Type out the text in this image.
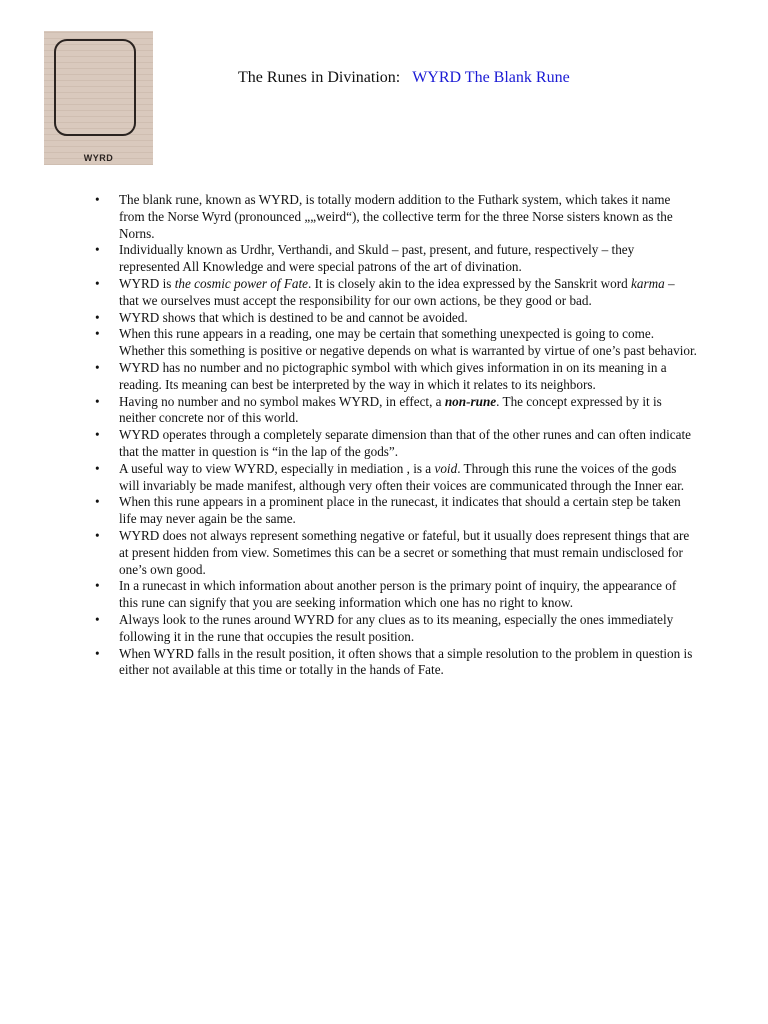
WYRD
The Runes in Divination: WYRD The Blank Rune
• The blank rune, known as WYRD, is totally modern addition to the Futhark system, which takes it name from the Norse Wyrd (pronounced „„weird“), the collective term for the three Norse sisters known as the Norns.
• Individually known as Urdhr, Verthandi, and Skuld – past, present, and future, respectively – they represented All Knowledge and were special patrons of the art of divination.
• WYRD is the cosmic power of Fate. It is closely akin to the idea expressed by the Sanskrit word karma – that we ourselves must accept the responsibility for our own actions, be they good or bad.
• WYRD shows that which is destined to be and cannot be avoided.
• When this rune appears in a reading, one may be certain that something unexpected is going to come. Whether this something is positive or negative depends on what is warranted by virtue of one’s past behavior.
• WYRD has no number and no pictographic symbol with which gives information in on its meaning in a reading. Its meaning can best be interpreted by the way in which it relates to its neighbors.
• Having no number and no symbol makes WYRD, in effect, a non-rune. The concept expressed by it is neither concrete nor of this world.
• WYRD operates through a completely separate dimension than that of the other runes and can often indicate that the matter in question is “in the lap of the gods”.
• A useful way to view WYRD, especially in mediation , is a void. Through this rune the voices of the gods will invariably be made manifest, although very often their voices are communicated through the Inner ear.
• When this rune appears in a prominent place in the runecast, it indicates that should a certain step be taken life may never again be the same.
• WYRD does not always represent something negative or fateful, but it usually does represent things that are at present hidden from view. Sometimes this can be a secret or something that must remain undisclosed for one’s own good.
• In a runecast in which information about another person is the primary point of inquiry, the appearance of this rune can signify that you are seeking information which one has no right to know.
• Always look to the runes around WYRD for any clues as to its meaning, especially the ones immediately following it in the rune that occupies the result position.
• When WYRD falls in the result position, it often shows that a simple resolution to the problem in question is either not available at this time or totally in the hands of Fate.
